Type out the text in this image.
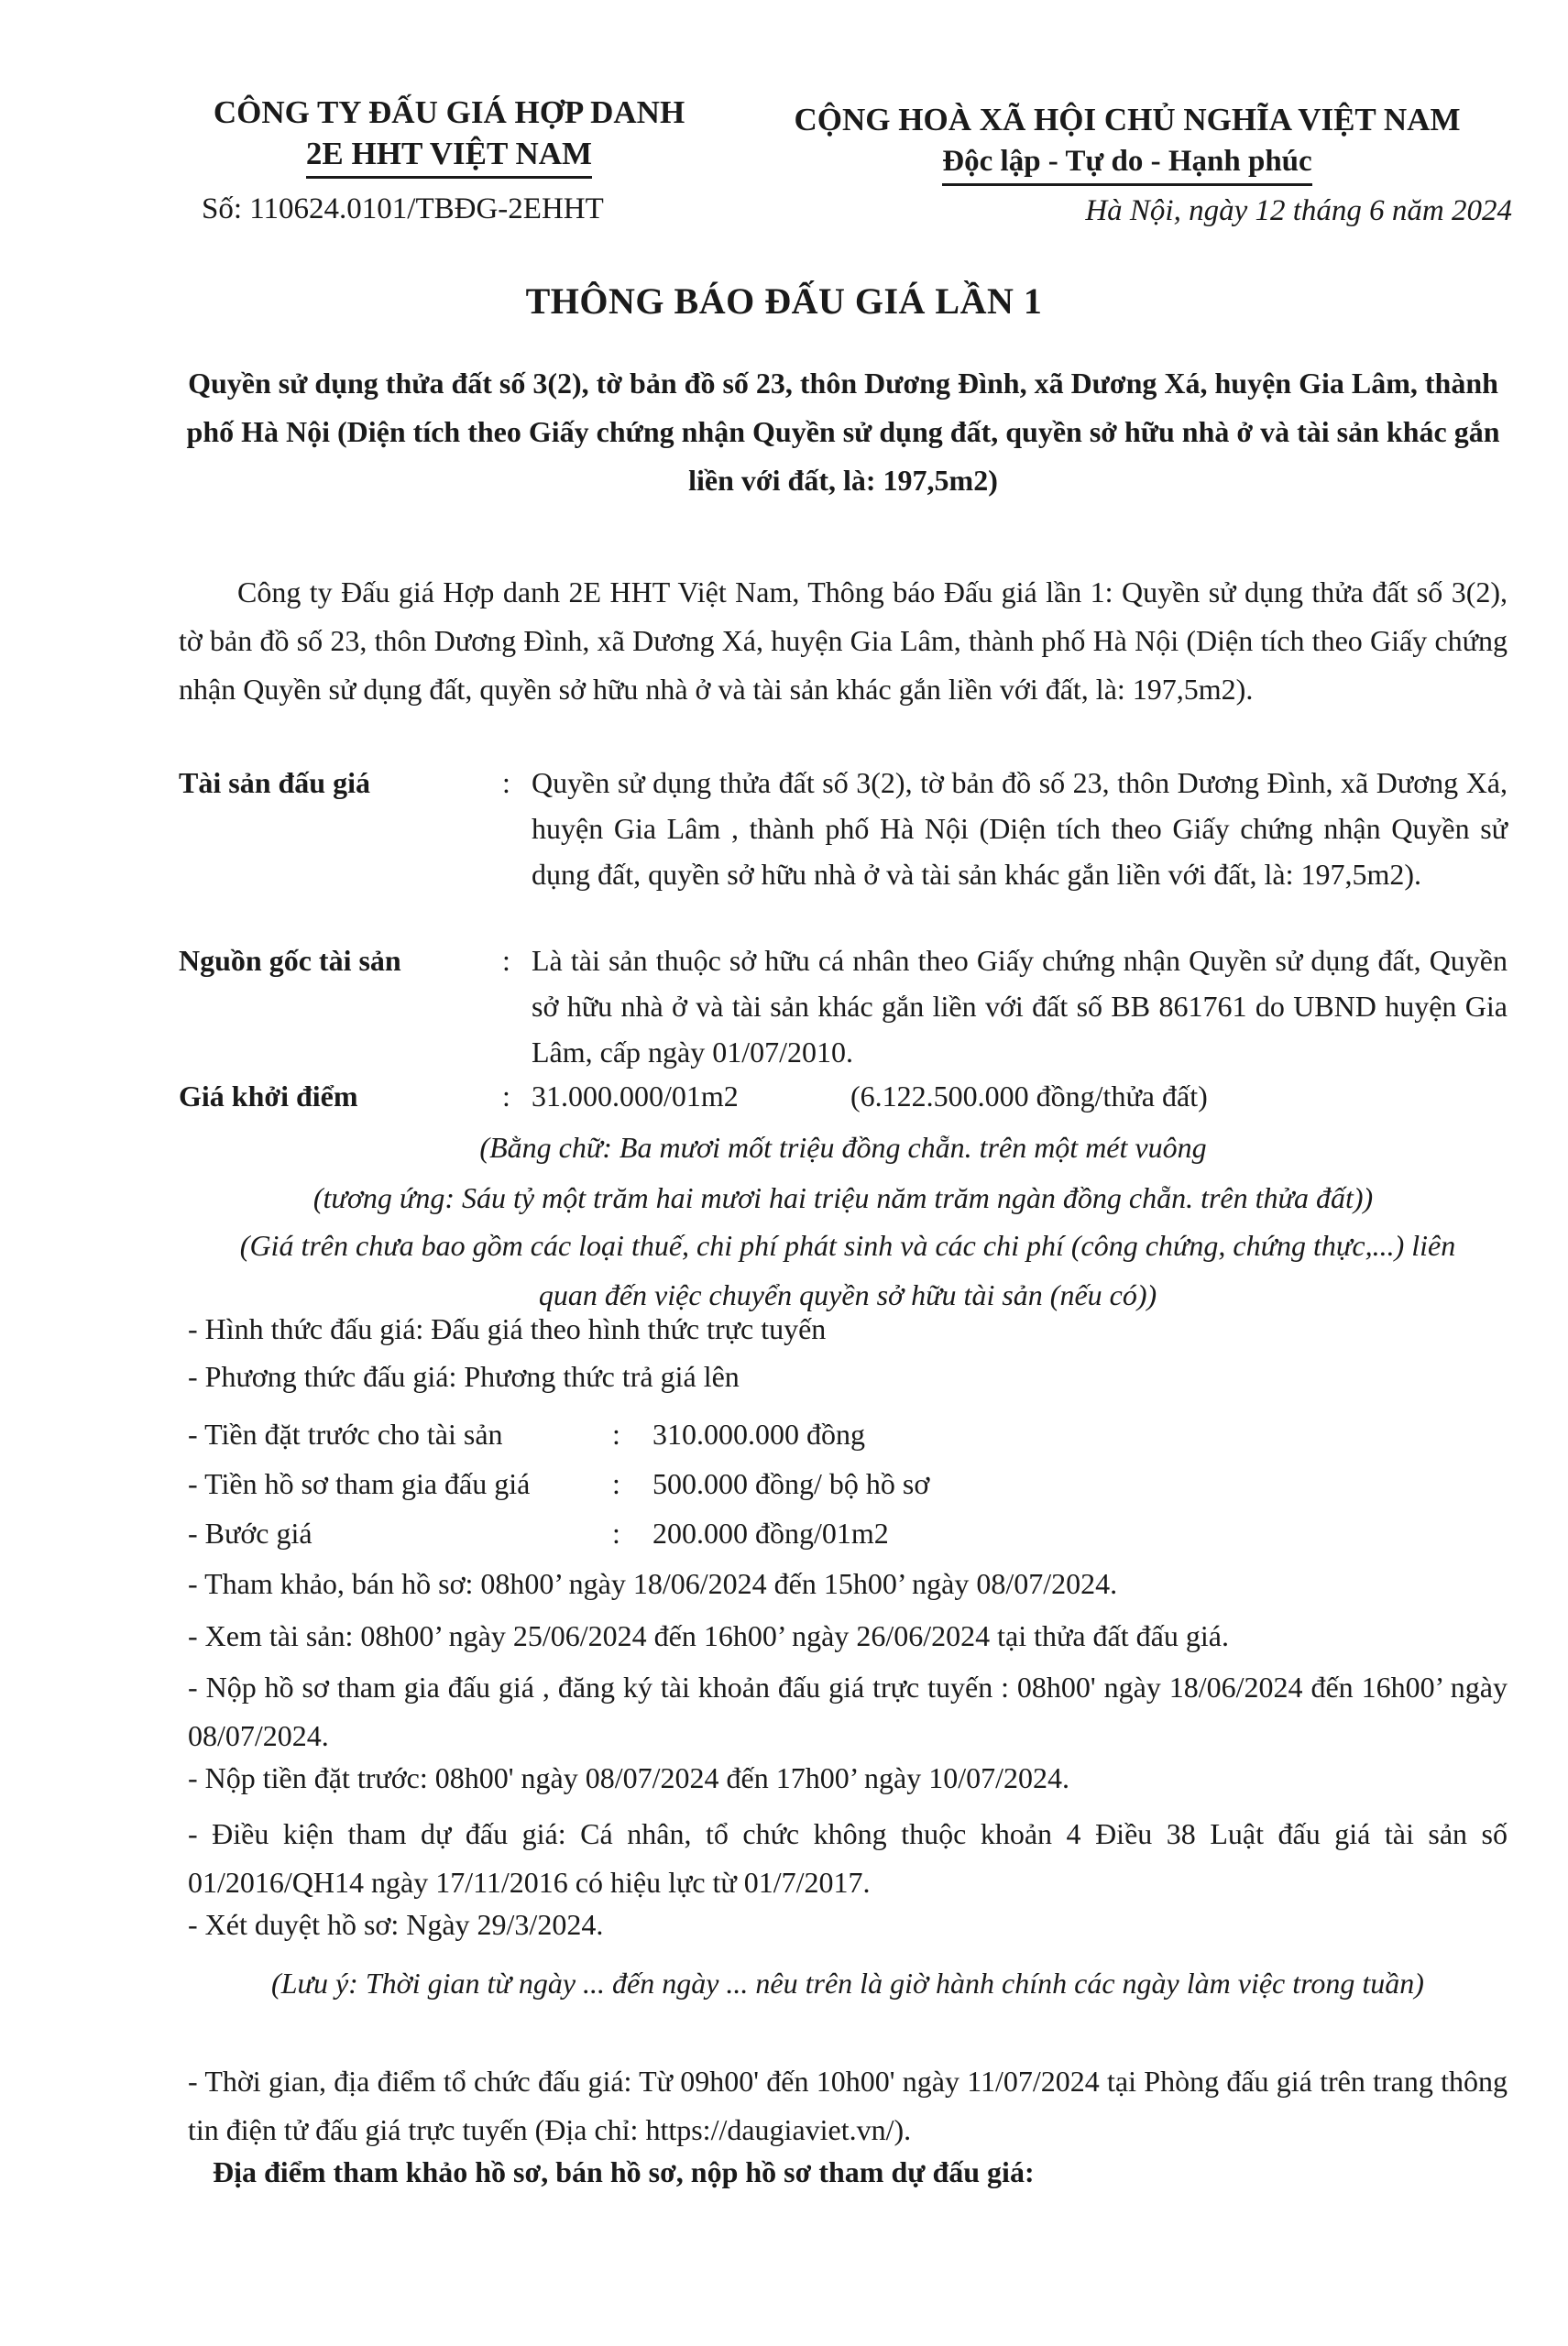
CÔNG TY ĐẤU GIÁ HỢP DANH
2E HHT VIỆT NAM
Số: 110624.0101/TBĐG-2EHHT
CỘNG HOÀ XÃ HỘI CHỦ NGHĨA VIỆT NAM
Độc lập - Tự do - Hạnh phúc
Hà Nội, ngày 12 tháng 6 năm 2024
THÔNG BÁO ĐẤU GIÁ LẦN 1
Quyền sử dụng thửa đất số 3(2), tờ bản đồ số 23, thôn Dương Đình, xã Dương Xá, huyện Gia Lâm, thành phố Hà Nội (Diện tích theo Giấy chứng nhận Quyền sử dụng đất, quyền sở hữu nhà ở và tài sản khác gắn liền với đất, là: 197,5m2)
Công ty Đấu giá Hợp danh 2E HHT Việt Nam, Thông báo Đấu giá lần 1: Quyền sử dụng thửa đất số 3(2), tờ bản đồ số 23, thôn Dương Đình, xã Dương Xá, huyện Gia Lâm, thành phố Hà Nội (Diện tích theo Giấy chứng nhận Quyền sử dụng đất, quyền sở hữu nhà ở và tài sản khác gắn liền với đất, là: 197,5m2).
Tài sản đấu giá	: Quyền sử dụng thửa đất số 3(2), tờ bản đồ số 23, thôn Dương Đình, xã Dương Xá, huyện Gia Lâm , thành phố Hà Nội (Diện tích theo Giấy chứng nhận Quyền sử dụng đất, quyền sở hữu nhà ở và tài sản khác gắn liền với đất, là: 197,5m2).
Nguồn gốc tài sản	: Là tài sản thuộc sở hữu cá nhân theo Giấy chứng nhận Quyền sử dụng đất, Quyền sở hữu nhà ở và tài sản khác gắn liền với đất số BB 861761 do UBND huyện Gia Lâm, cấp ngày 01/07/2010.
Giá khởi điểm	: 31.000.000/01m2	(6.122.500.000 đồng/thửa đất)
(Bằng chữ: Ba mươi mốt triệu đồng chẵn. trên một mét vuông
(tương ứng: Sáu tỷ một trăm hai mươi hai triệu năm trăm ngàn đồng chẵn. trên thửa đất))
(Giá trên chưa bao gồm các loại thuế, chi phí phát sinh và các chi phí (công chứng, chứng thực,...) liên quan đến việc chuyển quyền sở hữu tài sản (nếu có))
- Hình thức đấu giá: Đấu giá theo hình thức trực tuyến
- Phương thức đấu giá: Phương thức trả giá lên
- Tiền đặt trước cho tài sản	: 310.000.000 đồng
- Tiền hồ sơ tham gia đấu giá	: 500.000 đồng/ bộ hồ sơ
- Bước giá	: 200.000 đồng/01m2
- Tham khảo, bán hồ sơ: 08h00’ ngày 18/06/2024 đến 15h00’ ngày 08/07/2024.
- Xem tài sản: 08h00’ ngày 25/06/2024 đến 16h00’ ngày 26/06/2024 tại thửa đất đấu giá.
- Nộp hồ sơ tham gia đấu giá , đăng ký tài khoản đấu giá trực tuyến : 08h00' ngày 18/06/2024 đến 16h00’ ngày 08/07/2024.
- Nộp tiền đặt trước: 08h00' ngày 08/07/2024 đến 17h00’ ngày 10/07/2024.
- Điều kiện tham dự đấu giá: Cá nhân, tổ chức không thuộc khoản 4 Điều 38 Luật đấu giá tài sản số 01/2016/QH14 ngày 17/11/2016 có hiệu lực từ 01/7/2017.
- Xét duyệt hồ sơ: Ngày 29/3/2024.
(Lưu ý: Thời gian từ ngày ... đến ngày ... nêu trên là giờ hành chính các ngày làm việc trong tuần)
- Thời gian, địa điểm tổ chức đấu giá: Từ 09h00' đến 10h00' ngày 11/07/2024 tại Phòng đấu giá trên trang thông tin điện tử đấu giá trực tuyến (Địa chỉ: https://daugiaviet.vn/).
Địa điểm tham khảo hồ sơ, bán hồ sơ, nộp hồ sơ tham dự đấu giá:
